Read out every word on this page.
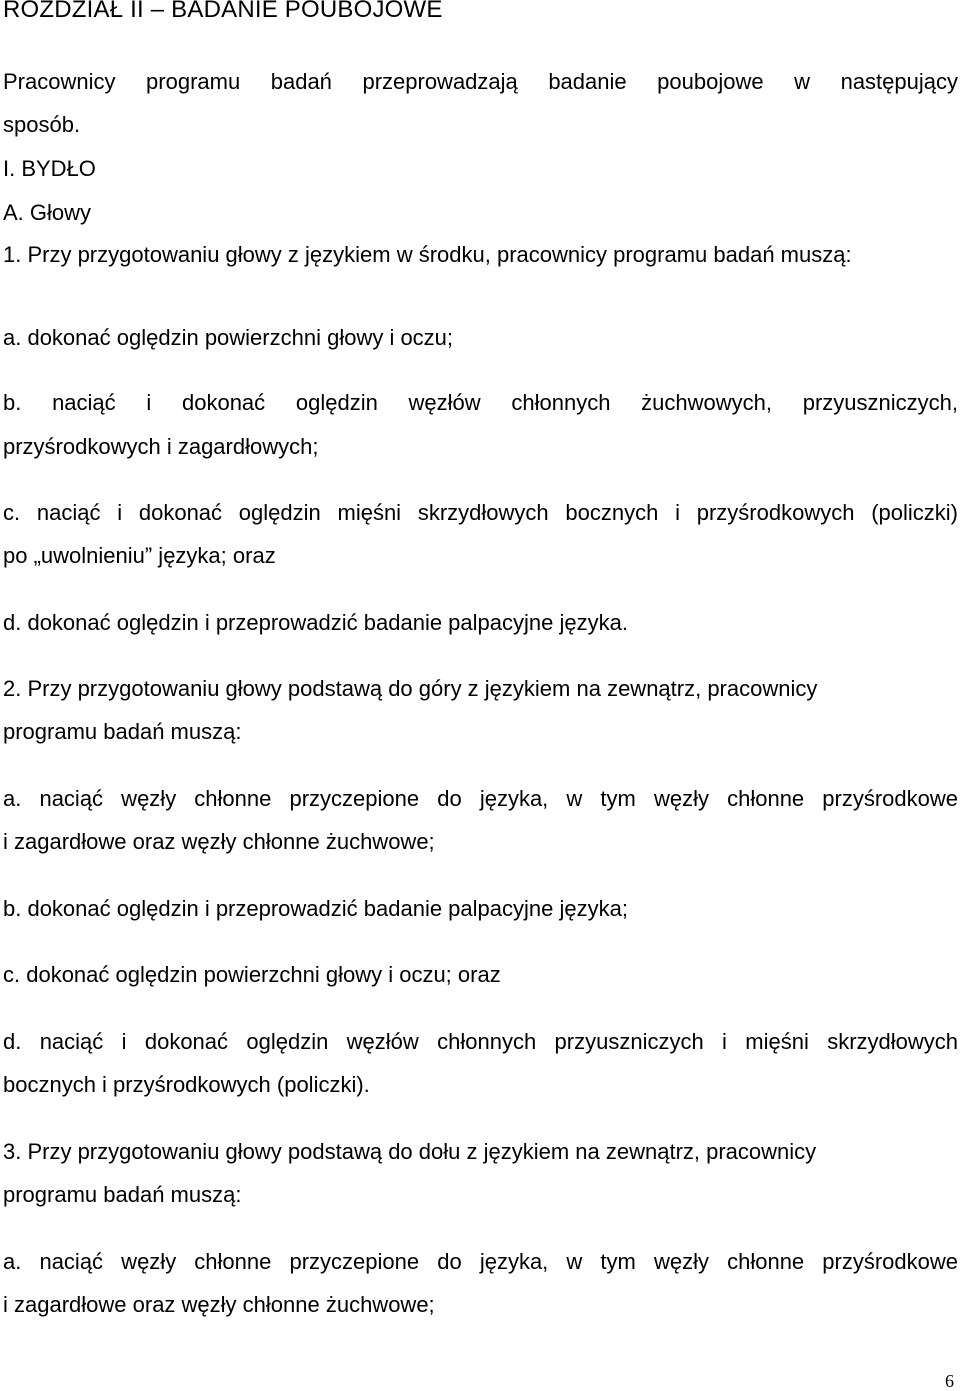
ROZDZIAŁ II – BADANIE POUBOJOWE
Pracownicy programu badań przeprowadzają badanie poubojowe w następujący
sposób.
I. BYDŁO
A. Głowy
1. Przy przygotowaniu głowy z językiem w środku, pracownicy programu badań muszą:
a. dokonać oględzin powierzchni głowy i oczu;
b. naciąć i dokonać oględzin węzłów chłonnych żuchwowych, przyuszniczych,
przyśrodkowych i zagardłowych;
c. naciąć i dokonać oględzin mięśni skrzydłowych bocznych i przyśrodkowych (policzki)
po „uwolnieniu” języka; oraz
d. dokonać oględzin i przeprowadzić badanie palpacyjne języka.
2. Przy przygotowaniu głowy podstawą do góry z językiem na zewnątrz, pracownicy
programu badań muszą:
a. naciąć węzły chłonne przyczepione do języka, w tym węzły chłonne przyśrodkowe
i zagardłowe oraz węzły chłonne żuchwowe;
b. dokonać oględzin i przeprowadzić badanie palpacyjne języka;
c. dokonać oględzin powierzchni głowy i oczu; oraz
d. naciąć i dokonać oględzin węzłów chłonnych przyuszniczych i mięśni skrzydłowych
bocznych i przyśrodkowych (policzki).
3. Przy przygotowaniu głowy podstawą do dołu z językiem na zewnątrz, pracownicy
programu badań muszą:
a. naciąć węzły chłonne przyczepione do języka, w tym węzły chłonne przyśrodkowe
i zagardłowe oraz węzły chłonne żuchwowe;
6
